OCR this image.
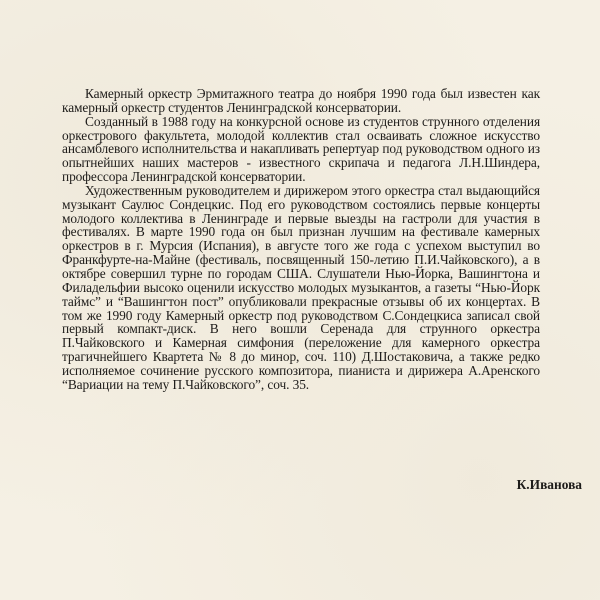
Камерный оркестр Эрмитажного театра до ноября 1990 года был известен как камерный оркестр студентов Ленинградской консерватории.

Созданный в 1988 году на конкурсной основе из студентов струнного отделения оркестрового факультета, молодой коллектив стал осваивать сложное искусство ансамблевого исполнительства и накапливать репертуар под руководством одного из опытнейших наших мастеров - известного скрипача и педагога Л.Н.Шиндера, профессора Ленинградской консерватории.

Художественным руководителем и дирижером этого оркестра стал выдающийся музыкант Саулюс Сондецкис. Под его руководством состоялись первые концерты молодого коллектива в Ленинграде и первые выезды на гастроли для участия в фестивалях. В марте 1990 года он был признан лучшим на фестивале камерных оркестров в г. Мурсия (Испания), в августе того же года с успехом выступил во Франкфурте-на-Майне (фестиваль, посвященный 150-летию П.И.Чайковского), а в октябре совершил турне по городам США. Слушатели Нью-Йорка, Вашингтона и Филадельфии высоко оценили искусство молодых музыкантов, а газеты “Нью-Йорк таймс” и “Вашингтон пост” опубликовали прекрасные отзывы об их концертах. В том же 1990 году Камерный оркестр под руководством С.Сондецкиса записал свой первый компакт-диск. В него вошли Серенада для струнного оркестра П.Чайковского и Камерная симфония (переложение для камерного оркестра трагичнейшего Квартета № 8 до минор, соч. 110) Д.Шостаковича, а также редко исполняемое сочинение русского композитора, пианиста и дирижера А.Аренского “Вариации на тему П.Чайковского”, соч. 35.

К.Иванова
